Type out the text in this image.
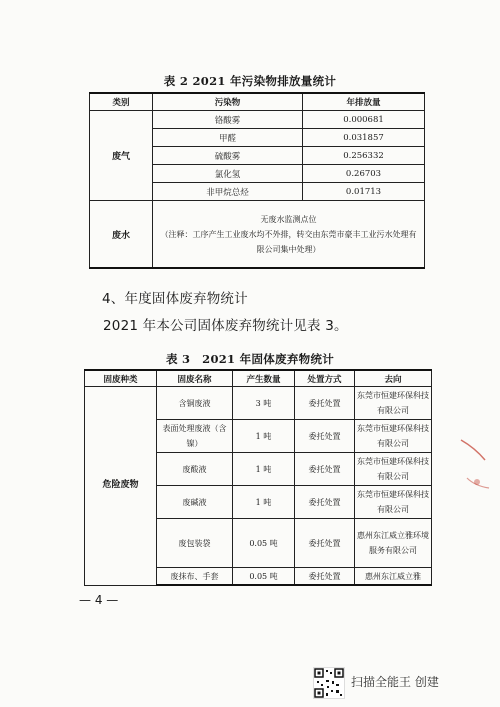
表 2 2021 年污染物排放量统计
类别	污染物	年排放量
废气	铬酸雾	0.000681
	甲醛	0.031857
	硫酸雾	0.256332
	氯化氢	0.26703
	非甲烷总烃	0.01713
废水	无废水监测点位
（注释：工序产生工业废水均不外排，转交由东莞市豪丰工业污水处理有限公司集中处理）	
4、年度固体废弃物统计
2021 年本公司固体废弃物统计见表 3。
表 3　2021 年固体废弃物统计
固废种类	固废名称	产生数量	处置方式	去向
危险废物	含铜废液	3 吨	委托处置	东莞市恒建环保科技有限公司
	表面处理废液（含镍）	1 吨	委托处置	东莞市恒建环保科技有限公司
	废酸液	1 吨	委托处置	东莞市恒建环保科技有限公司
	废碱液	1 吨	委托处置	东莞市恒建环保科技有限公司
	废包装袋	0.05 吨	委托处置	惠州东江威立雅环境服务有限公司
	废抹布、手套	0.05 吨	委托处置	惠州东江威立雅
— 4 —
扫描全能王 创建
